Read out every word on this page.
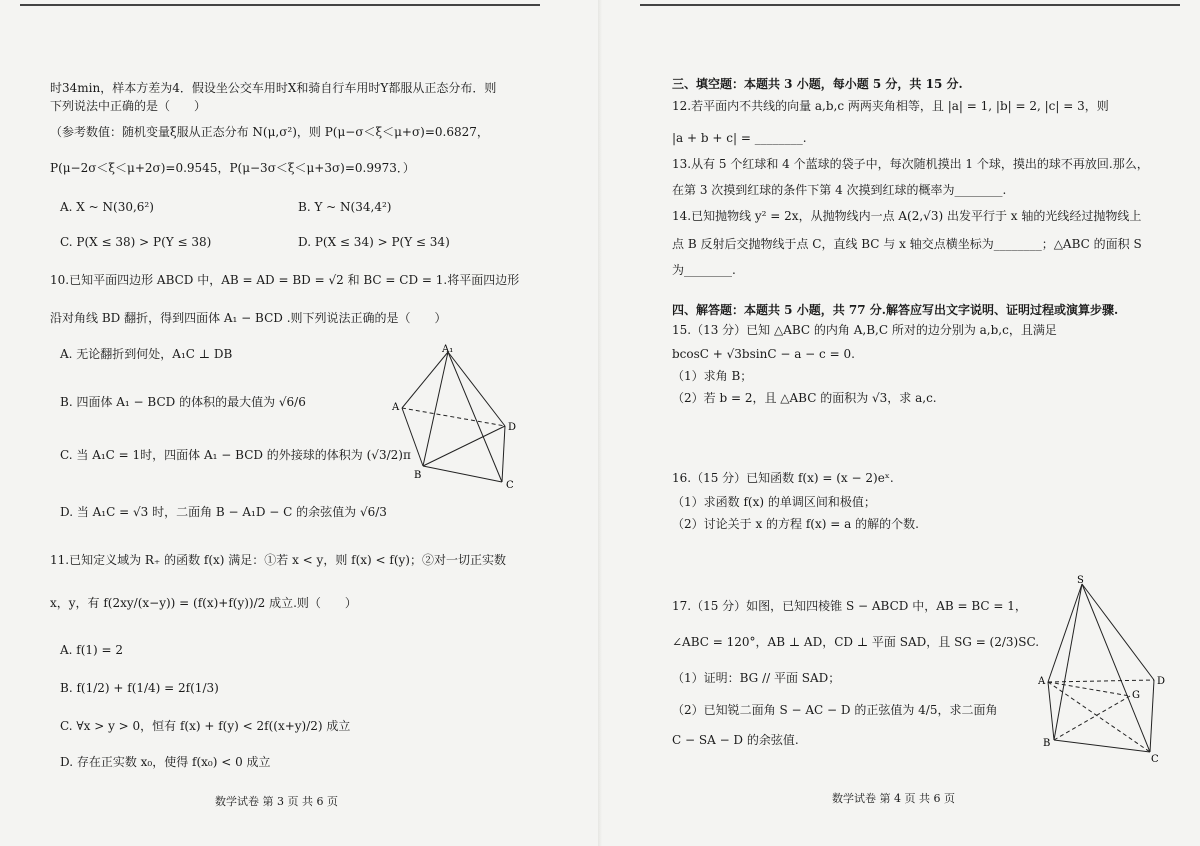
时34min，样本方差为4．假设坐公交车用时X和骑自行车用时Y都服从正态分布．则
下列说法中正确的是（　　）
（参考数值：随机变量ξ服从正态分布 N(μ,σ²)，则 P(μ−σ＜ξ＜μ+σ)=0.6827，
P(μ−2σ＜ξ＜μ+2σ)=0.9545，P(μ−3σ＜ξ＜μ+3σ)=0.9973．）
A. X ~ N(30,6²)	B. Y ~ N(34,4²)
C. P(X ≤ 38) > P(Y ≤ 38)	D. P(X ≤ 34) > P(Y ≤ 34)
10.已知平面四边形 ABCD 中，AB = AD = BD = √2 和 BC = CD = 1.将平面四边形
沿对角线 BD 翻折，得到四面体 A₁ − BCD .则下列说法正确的是（　　）
A. 无论翻折到何处，A₁C ⊥ DB
B. 四面体 A₁ − BCD 的体积的最大值为 √6/6
C. 当 A₁C = 1时，四面体 A₁ − BCD 的外接球的体积为 (√3/2)π
D. 当 A₁C = √3 时，二面角 B − A₁D − C 的余弦值为 √6/3
A₁
A
D
B
C
11.已知定义域为 R₊ 的函数 f(x) 满足：①若 x < y，则 f(x) < f(y)；②对一切正实数
x，y，有 f(2xy/(x−y)) = (f(x)+f(y))/2 成立.则（　　）
A. f(1) = 2
B. f(1/2) + f(1/4) = 2f(1/3)
C. ∀x > y > 0，恒有 f(x) + f(y) < 2f((x+y)/2) 成立
D. 存在正实数 x₀，使得 f(x₀) < 0 成立
数学试卷 第 3 页 共 6 页
三、填空题：本题共 3 小题，每小题 5 分，共 15 分.
12.若平面内不共线的向量 a,b,c 两两夹角相等，且 |a| = 1, |b| = 2, |c| = 3，则
|a + b + c| = ________.
13.从有 5 个红球和 4 个蓝球的袋子中，每次随机摸出 1 个球，摸出的球不再放回.那么，
在第 3 次摸到红球的条件下第 4 次摸到红球的概率为________.
14.已知抛物线 y² = 2x，从抛物线内一点 A(2,√3) 出发平行于 x 轴的光线经过抛物线上
点 B 反射后交抛物线于点 C，直线 BC 与 x 轴交点横坐标为________；△ABC 的面积 S
为________.
四、解答题：本题共 5 小题，共 77 分.解答应写出文字说明、证明过程或演算步骤.
15.（13 分）已知 △ABC 的内角 A,B,C 所对的边分别为 a,b,c，且满足
bcosC + √3bsinC − a − c = 0.
（1）求角 B；
（2）若 b = 2，且 △ABC 的面积为 √3，求 a,c.
16.（15 分）已知函数 f(x) = (x − 2)eˣ.
（1）求函数 f(x) 的单调区间和极值；
（2）讨论关于 x 的方程 f(x) = a 的解的个数.
17.（15 分）如图，已知四棱锥 S − ABCD 中，AB = BC = 1，
∠ABC = 120°，AB ⊥ AD，CD ⊥ 平面 SAD，且 SG = (2/3)SC.
（1）证明：BG // 平面 SAD；
（2）已知锐二面角 S − AC − D 的正弦值为 4/5，求二面角
C − SA − D 的余弦值.
S
A	D
G
B
C
数学试卷 第 4 页 共 6 页
